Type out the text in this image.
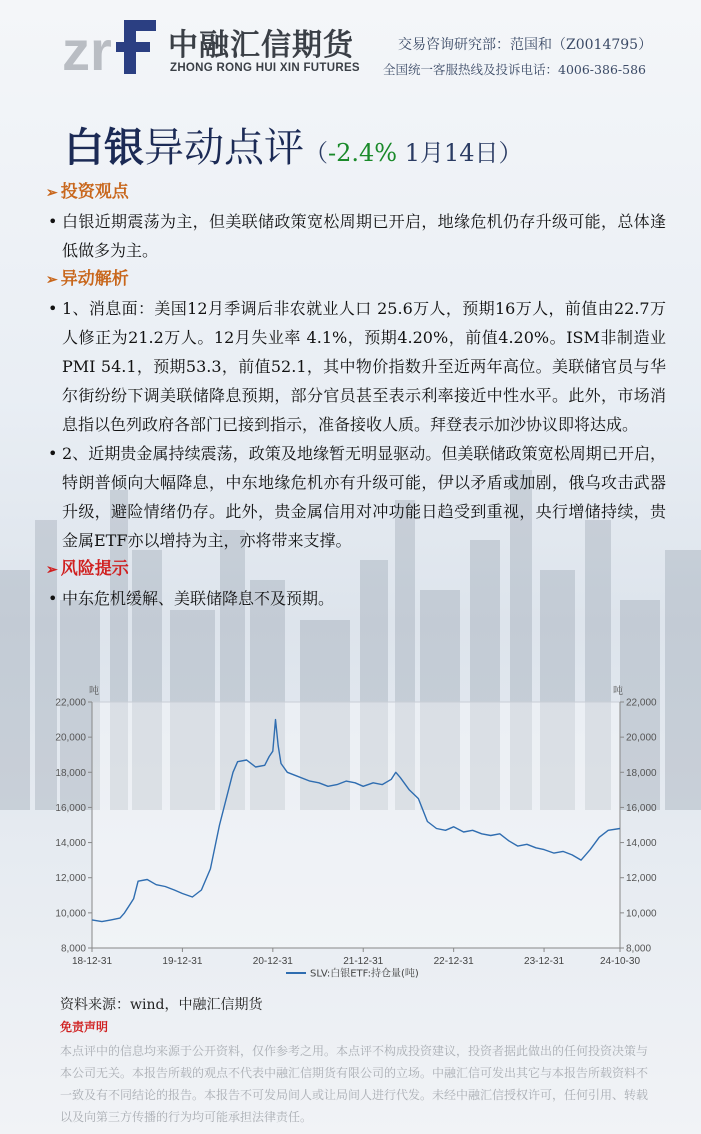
zr 中融汇信期货
ZHONG RONG HUI XIN FUTURES
交易咨询研究部：范国和（Z0014795）
全国统一客服热线及投诉电话：4006-386-586
白银异动点评（-2.4% 1月14日）
➢ 投资观点
• 白银近期震荡为主，但美联储政策宽松周期已开启，地缘危机仍存升级可能，总体逢低做多为主。
➢ 异动解析
• 1、消息面：美国12月季调后非农就业人口 25.6万人，预期16万人，前值由22.7万人修正为21.2万人。12月失业率 4.1%，预期4.20%，前值4.20%。ISM非制造业PMI 54.1，预期53.3，前值52.1，其中物价指数升至近两年高位。美联储官员与华尔街纷纷下调美联储降息预期，部分官员甚至表示利率接近中性水平。此外，市场消息指以色列政府各部门已接到指示，准备接收人质。拜登表示加沙协议即将达成。
• 2、近期贵金属持续震荡，政策及地缘暂无明显驱动。但美联储政策宽松周期已开启，特朗普倾向大幅降息，中东地缘危机亦有升级可能，伊以矛盾或加剧，俄乌攻击武器升级，避险情绪仍存。此外，贵金属信用对冲功能日趋受到重视，央行增储持续，贵金属ETF亦以增持为主，亦将带来支撑。
➢ 风险提示
• 中东危机缓解、美联储降息不及预期。
22,000	22,000
20,000	20,000
18,000	18,000
16,000	16,000
14,000	14,000
12,000	12,000
10,000	10,000
8,000	8,000
吨	吨
18-12-31	19-12-31	20-12-31	21-12-31	22-12-31	23-12-31	24-10-30
SLV:白银ETF:持仓量(吨)
资料来源：wind，中融汇信期货
免责声明
本点评中的信息均来源于公开资料，仅作参考之用。本点评不构成投资建议，投资者据此做出的任何投资决策与本公司无关。本报告所载的观点不代表中融汇信期货有限公司的立场。中融汇信可发出其它与本报告所载资料不一致及有不同结论的报告。本报告不可发局间人或让局间人进行代发。未经中融汇信授权许可，任何引用、转载以及向第三方传播的行为均可能承担法律责任。
